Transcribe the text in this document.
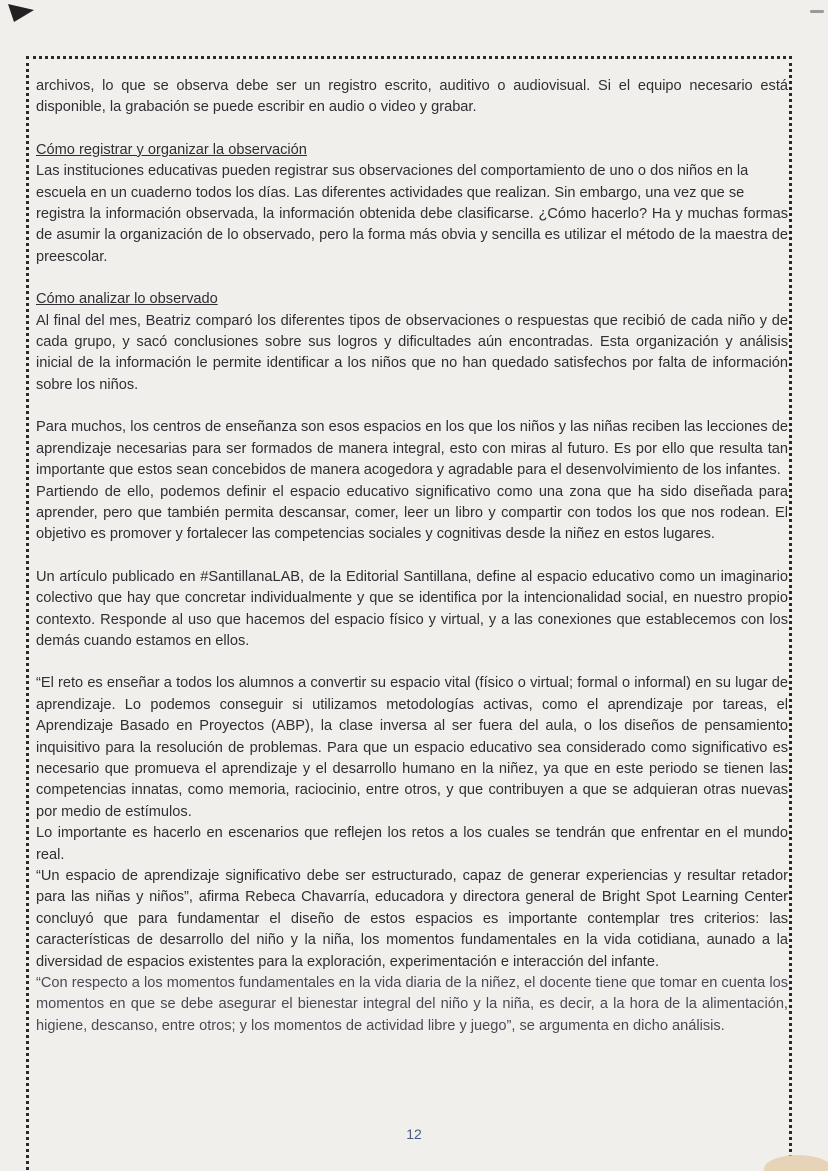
archivos, lo que se observa debe ser un registro escrito, auditivo o audiovisual. Si el equipo necesario está disponible, la grabación se puede escribir en audio o video y grabar.

Cómo registrar y organizar la observación

Las instituciones educativas pueden registrar sus observaciones del comportamiento de uno o dos niños en la escuela en un cuaderno todos los días. Las diferentes actividades que realizan. Sin embargo, una vez que se

registra la información observada, la información obtenida debe clasificarse. ¿Cómo hacerlo? Ha y muchas formas de asumir la organización de lo observado, pero la forma más obvia y sencilla es utilizar el método de la maestra de preescolar.

Cómo analizar lo observado

Al final del mes, Beatriz comparó los diferentes tipos de observaciones o respuestas que recibió de cada niño y de cada grupo, y sacó conclusiones sobre sus logros y dificultades aún encontradas. Esta organización y análisis inicial de la información le permite identificar a los niños que no han quedado satisfechos por falta de información sobre los niños.

Para muchos, los centros de enseñanza son esos espacios en los que los niños y las niñas reciben las lecciones de aprendizaje necesarias para ser formados de manera integral, esto con miras al futuro. Es por ello que resulta tan importante que estos sean concebidos de manera acogedora y agradable para el desenvolvimiento de los infantes.

Partiendo de ello, podemos definir el espacio educativo significativo como una zona que ha sido diseñada para aprender, pero que también permita descansar, comer, leer un libro y compartir con todos los que nos rodean. El objetivo es promover y fortalecer las competencias sociales y cognitivas desde la niñez en estos lugares.

Un artículo publicado en #SantillanaLAB, de la Editorial Santillana, define al espacio educativo como un imaginario colectivo que hay que concretar individualmente y que se identifica por la intencionalidad social, en nuestro propio contexto. Responde al uso que hacemos del espacio físico y virtual, y a las conexiones que establecemos con los demás cuando estamos en ellos.

“El reto es enseñar a todos los alumnos a convertir su espacio vital (físico o virtual; formal o informal) en su lugar de aprendizaje. Lo podemos conseguir si utilizamos metodologías activas, como el aprendizaje por tareas, el Aprendizaje Basado en Proyectos (ABP), la clase inversa al ser fuera del aula, o los diseños de pensamiento inquisitivo para la resolución de problemas. Para que un espacio educativo sea considerado como significativo es necesario que promueva el aprendizaje y el desarrollo humano en la niñez, ya que en este periodo se tienen las competencias innatas, como memoria, raciocinio, entre otros, y que contribuyen a que se adquieran otras nuevas por medio de estímulos.

Lo importante es hacerlo en escenarios que reflejen los retos a los cuales se tendrán que enfrentar en el mundo real.

“Un espacio de aprendizaje significativo debe ser estructurado, capaz de generar experiencias y resultar retador para las niñas y niños”, afirma Rebeca Chavarría, educadora y directora general de Bright Spot Learning Center concluyó que para fundamentar el diseño de estos espacios es importante contemplar tres criterios: las características de desarrollo del niño y la niña, los momentos fundamentales en la vida cotidiana, aunado a la diversidad de espacios existentes para la exploración, experimentación e interacción del infante.

“Con respecto a los momentos fundamentales en la vida diaria de la niñez, el docente tiene que tomar en cuenta los momentos en que se debe asegurar el bienestar integral del niño y la niña, es decir, a la hora de la alimentación, higiene, descanso, entre otros; y los momentos de actividad libre y juego”, se argumenta en dicho análisis.

12
